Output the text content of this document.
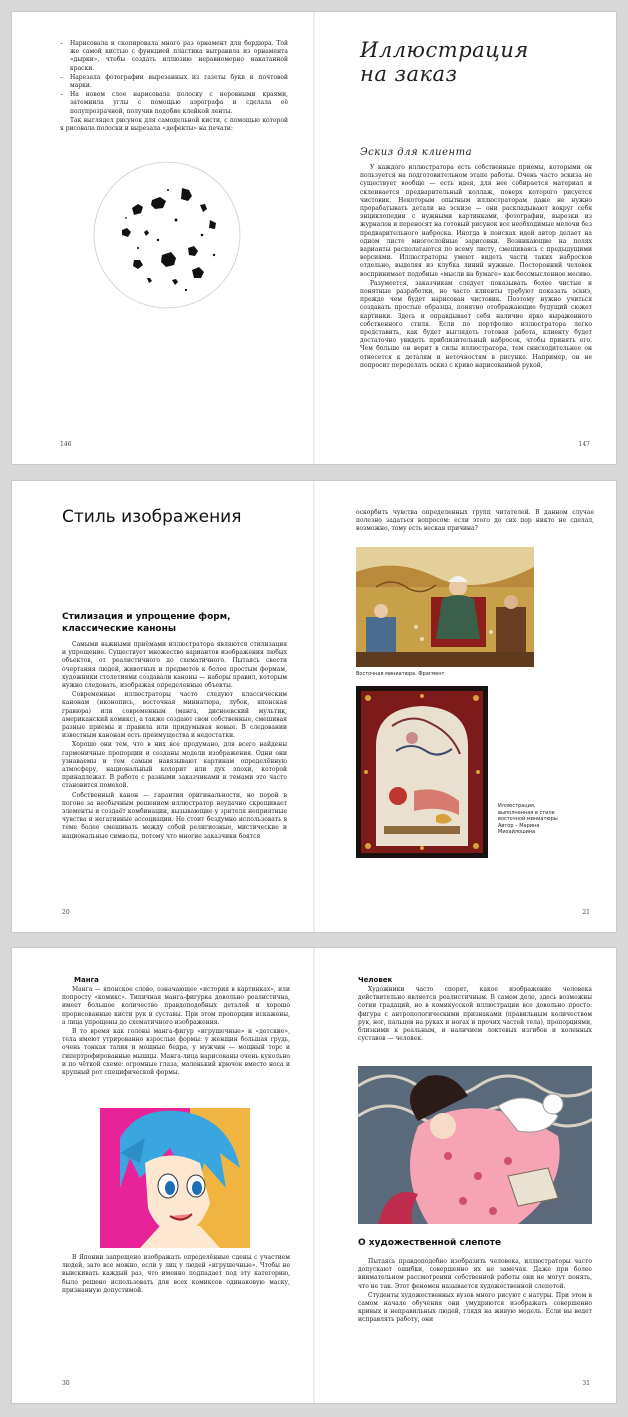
– Нарисовала и скопировала много раз орнамент для бордюра. Той же самой кистью с функцией пластика вытравила из орнамента «дырки», чтобы создать иллюзию неравномерно накатанной краски.
– Нарезала фотографии вырезанных из газеты букв и почтовой марки.
– На новом слое нарисовала полоску с неровными краями, затемнила углы с помощью аэрографа и сделала её полупрозрачной, получив подобие клейкой ленты.

Так выглядел рисунок для самодельной кисти, с помощью которой я рисовала полоски и вырезала «дефекты» на печати:

146
Иллюстрация
на заказ
Эскиз для клиента

У каждого иллюстратора есть собственные приемы, которыми он пользуется на подготовительном этапе работы. Очень часто эскиза не существует вообще — есть идея, для нее собирается материал и склеивается предварительный коллаж, поверх которого рисуется чистовик. Некоторым опытным иллюстраторам даже не нужно прорабатывать детали на эскизе — они раскладывают вокруг себя энциклопедии с нужными картинками, фотографии, вырезки из журналов и переносят на готовый рисунок все необходимые мелочи без предварительного наброска. Иногда в поисках идей автор делает на одном листе многослойные зарисовки. Возникающие на полях варианты располагаются по всему листу, смешиваясь с предыдущими версиями. Иллюстраторы умеют видеть части таких набросков отдельно, выделяя из клубка линий нужные. Посторонний человек воспринимает подобные «мысли на бумаге» как бессмысленное месиво.

Разумеется, заказчикам следует показывать более чистые и понятные разработки, но часто клиенты требуют показать эскиз, прежде чем будет нарисован чистовик. Поэтому нужно учиться создавать простые образцы, понятно отображающие будущий сюжет картинки. Здесь и оправдывает себя наличие ярко выраженного собственного стиля. Если по портфолио иллюстратора легко представить, как будет выглядеть готовая работа, клиенту будет достаточно увидеть приблизительный набросок, чтобы принять его. Чем больше он верит в силы иллюстратора, тем снисходительнее он отнесется к деталям и неточностям в рисунке. Например, он не попросит переделать эскиз с криво нарисованной рукой,

147
Стиль изображения
Стилизация и упрощение форм,
классические каноны

Самыми важными приёмами иллюстратора являются стилизация и упрощение. Существует множество вариантов изображения любых объектов, от реалистичного до схематичного. Пытаясь свести очертания людей, животных и предметов к более простым формам, художники столетиями создавали каноны — наборы правил, которым нужно следовать, изображая определенные объекты.

Современные иллюстраторы часто следуют классическим канонам (иконопись, восточная миниатюра, лубок, японская гравюра) или современным (манга, диснеевский мультик, американский комикс), а также создают свои собственные, смешивая разные приемы и правила или придумывая новые. В следовании известным канонам есть преимущества и недостатки.

Хорошо они тем, что в них все продумано, для всего найдены гармоничные пропорции и созданы модели изображения. Одни они узнаваемы и тем самым навязывают картинам определённую атмосферу, национальный колорит или дух эпохи, которой принадлежат. В работе с разными заказчиками и темами это часто становится помехой.

Собственный канон — гарантия оригинальности, но порой в погоне за необычным решением иллюстратор неудачно скрещивает элементы и создаёт комбинации, вызывающие у зрителя неприятные чувства и негативные ассоциации. Не стоит бездумно использовать в теме более смешивать между собой религиозные, мистические и национальные символы, потому что многие заказчики боятся

20

оскорбить чувства определенных групп читателей. В данном случае полезно задаться вопросом: если этого до сих пор никто не сделал, возможно, тому есть веская причина?

Восточная миниатюра. Фрагмент
Иллюстрация,
выполненная в стиле
восточной миниатюры
Автор – Марина
Михайлошина
21
Манга

Манга — японское слово, означающее «история в картинках», или попросту «комикс». Типичная манга-фигурка довольно реалистична, имеет большое количество правдоподобных деталей и хорошо прорисованные кисти рук и суставы. При этом пропорции искажены, а лица упрощены до схематичного изображения.

В то время как головы манга-фигур «игрушечные» и «детские», тела имеют утрированно взрослые формы: у женщин большая грудь, очень тонкая талия и мощные бедра, у мужчин — мощный торс и гипертрофированные мышцы. Манга-лица нарисованы очень кукольно и по чёткой схеме: огромные глаза, маленький крючок вместо носа и крупный рот специфической формы.

В Японии запрещено изображать определённые сцены с участием людей, зато все можно, если у лиц у людей «игрушечные». Чтобы не выискивать каждый раз, что именно подпадает под эту категорию, было решено использовать для всех комиксов одинаковую маску, признанную допустимой.

30
Человек

Художники часто спорят, какое изображение человека действительно является реалистичным. В самом деле, здесь возможны сотни градаций, но в комикусской иллюстрации все довольно просто: фигура с антропологическими признаками (правильным количеством рук, ног, пальцев на руках и ногах и прочих частей тела), пропорциями, близкими к реальным, и наличием локтевых изгибов и коленных суставов — человек.

О художественной слепоте

Пытаясь правдоподобно изобразить человека, иллюстраторы часто допускают ошибки, совершенно их не замечая. Даже при более внимательном рассмотрении собственной работы они не могут понять, что не так. Этот феномен называется художественной слепотой.

Студенты художественных вузов много рисуют с натуры. При этом в самом начале обучения они умудряются изображать совершенно кривых и неправильных людей, глядя на живую модель. Если вы ведет исправлять работу, они

31
